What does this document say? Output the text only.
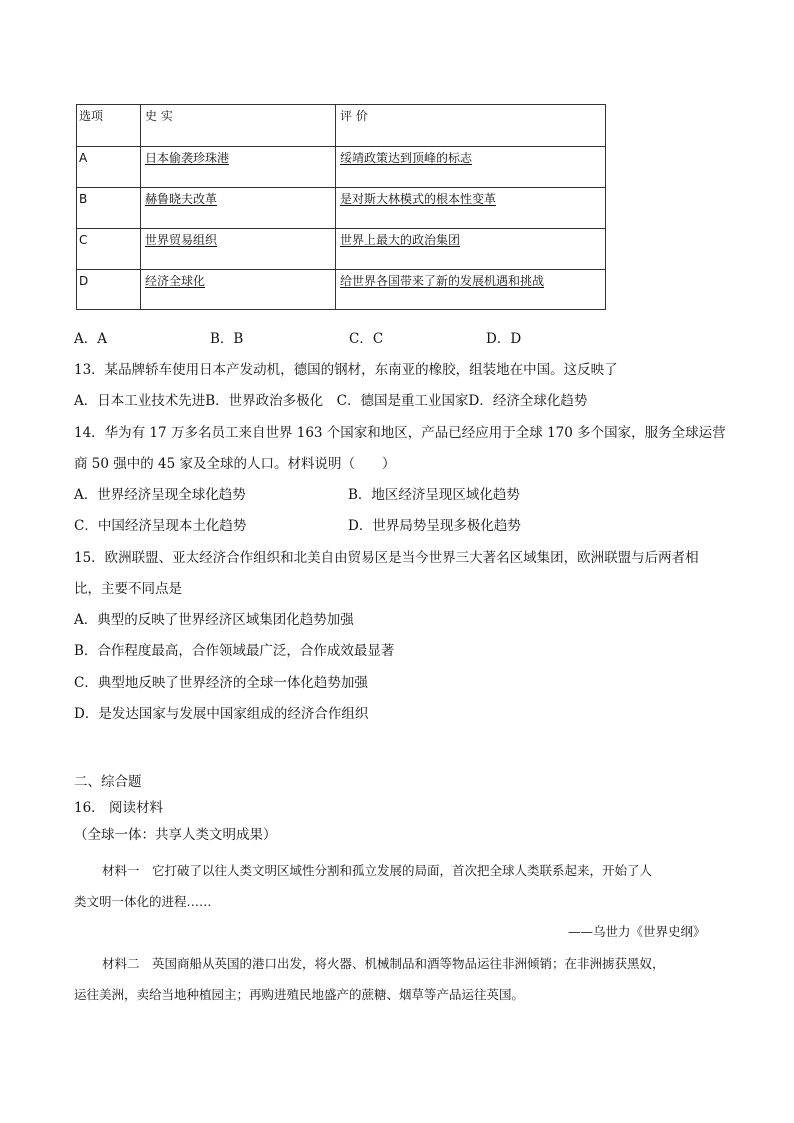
选项	史 实	评 价
A	日本偷袭珍珠港	绥靖政策达到顶峰的标志
B	赫鲁晓夫改革	是对斯大林模式的根本性变革
C	世界贸易组织	世界上最大的政治集团
D	经济全球化	给世界各国带来了新的发展机遇和挑战
A．A	B．B	C．C	D．D
13．某品牌轿车使用日本产发动机，德国的钢材，东南亚的橡胶，组装地在中国。这反映了
A．日本工业技术先进B．世界政治多极化　C．德国是重工业国家D．经济全球化趋势
14．华为有 17 万多名员工来自世界 163 个国家和地区，产品已经应用于全球 170 多个国家，服务全球运营
商 50 强中的 45 家及全球的人口。材料说明（　　）
A．世界经济呈现全球化趋势	B．地区经济呈现区域化趋势
C．中国经济呈现本土化趋势	D．世界局势呈现多极化趋势
15．欧洲联盟、亚太经济合作组织和北美自由贸易区是当今世界三大著名区域集团，欧洲联盟与后两者相
比，主要不同点是
A．典型的反映了世界经济区域集团化趋势加强
B．合作程度最高，合作领域最广泛，合作成效最显著
C．典型地反映了世界经济的全球一体化趋势加强
D．是发达国家与发展中国家组成的经济合作组织
二、综合题
16． 阅读材料
（全球一体：共享人类文明成果）
材料一　它打破了以往人类文明区域性分割和孤立发展的局面，首次把全球人类联系起来，开始了人
类文明一体化的进程……
——乌世力《世界史纲》
材料二　英国商船从英国的港口出发，将火器、机械制品和酒等物品运往非洲倾销；在非洲掳获黑奴，
运往美洲，卖给当地种植园主；再购进殖民地盛产的蔗糖、烟草等产品运往英国。
